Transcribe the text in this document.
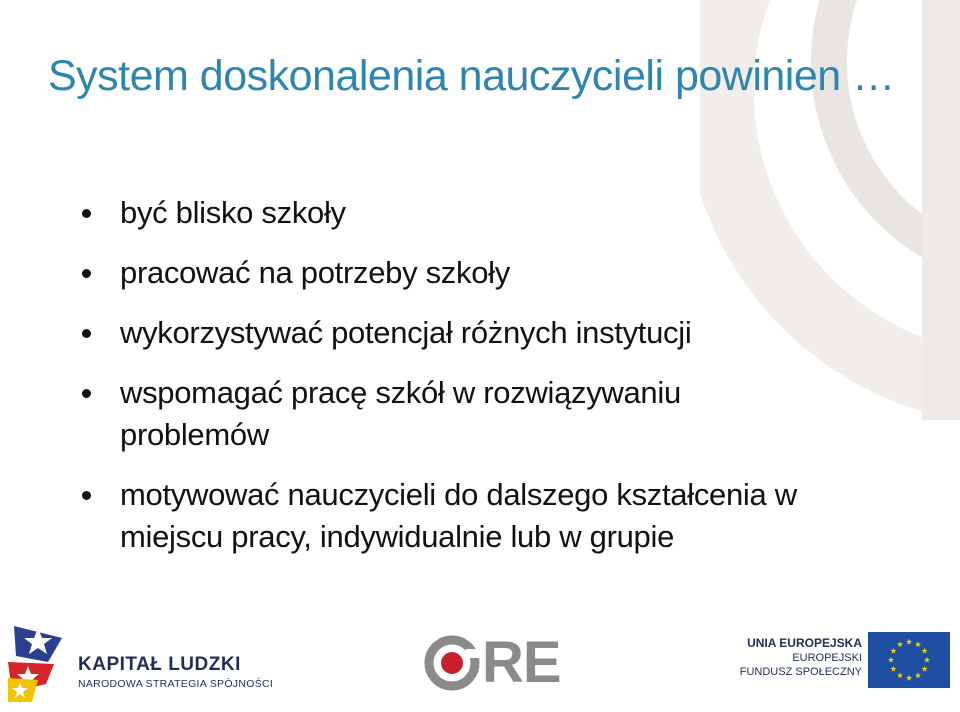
System doskonalenia nauczycieli powinien …
być blisko szkoły
pracować na potrzeby szkoły
wykorzystywać potencjał różnych instytucji
wspomagać pracę szkół w rozwiązywaniu problemów
motywować nauczycieli do dalszego kształcenia w miejscu pracy, indywidualnie lub w grupie
KAPITAŁ LUDZKI
NARODOWA STRATEGIA SPÓJNOŚCI	RE	UNIA EUROPEJSKA
EUROPEJSKI
FUNDUSZ SPOŁECZNY
